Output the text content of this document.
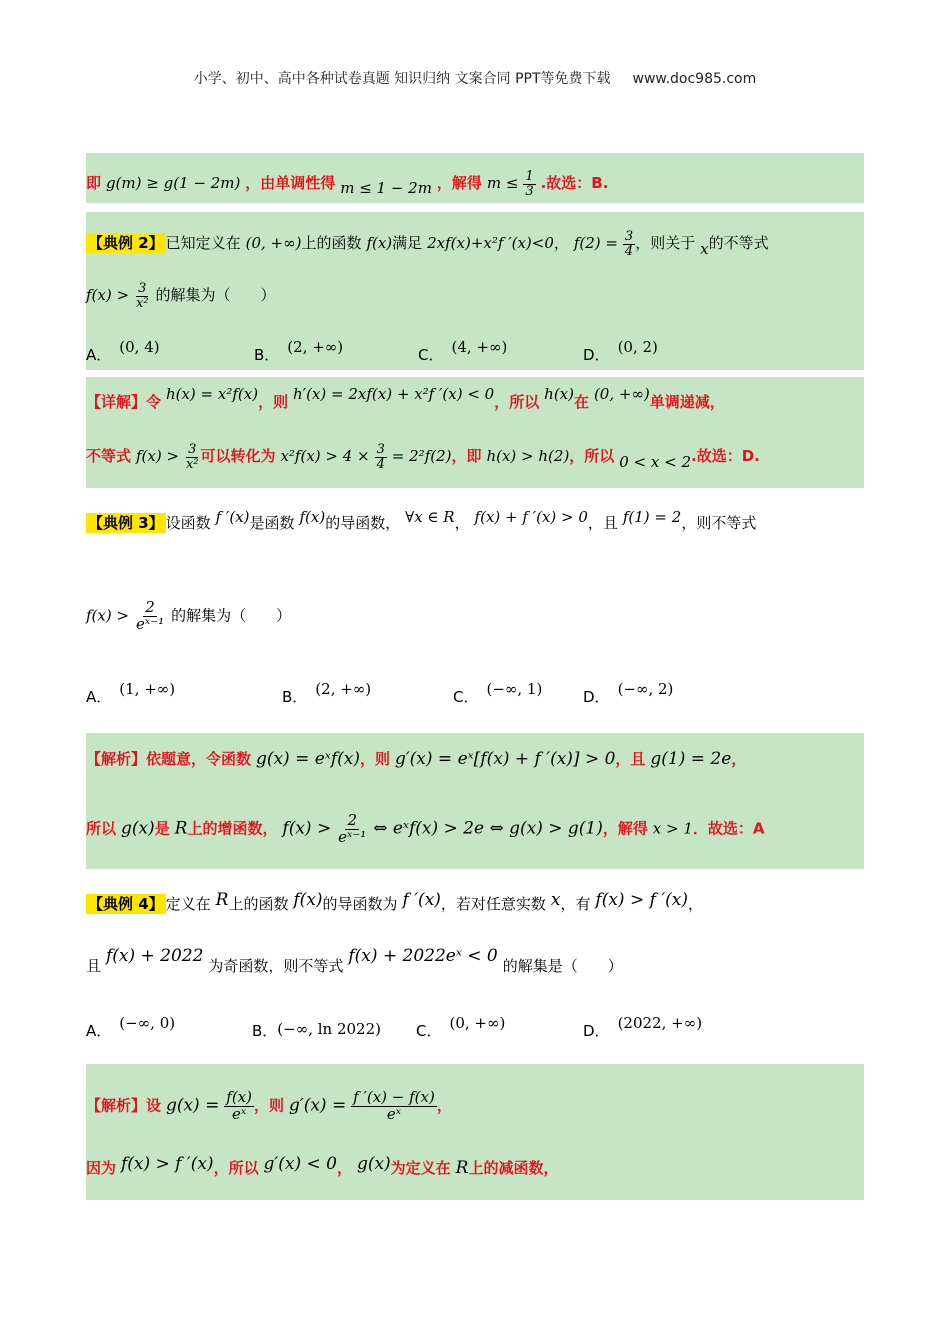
小学、初中、高中各种试卷真题 知识归纳 文案合同 PPT等免费下载 www.doc985.com
即 g(m) ≥ g(1 − 2m) ，由单调性得 m ≤ 1 − 2m ，解得 $m \le \frac{1}{3}$ .故选：B.
【典例 2】 已知定义在 (0, +∞)上的函数 f(x)满足 2xf(x)+x²f ′(x)<0， $f(2) = \frac{3}{4}$ ，则关于 x的不等式
$f(x) > \frac{3}{\text{x²}}$ 的解集为（　　）
A． (0, 4)	B． (2, +∞)	C． (4, +∞)	D． (0, 2)
【详解】令 h(x) = x²f(x)，则 h′(x) = 2xf(x) + x²f ′(x) < 0，所以 h(x)在 (0, +∞)单调递减，
不等式 $f(x) > \frac{3}{\text{x²}}$ 可以转化为 $x^2f(x) > 4 \times \frac{3}{4} = 2^2f(2)$，即 h(x) > h(2)，所以 0 < x < 2.故选：D.
【典例 3】 设函数 f ′(x)是函数 f(x)的导函数， ∀x ∈ R， f(x) + f ′(x) > 0，且 f(1) = 2，则不等式
$f(x) > \frac{2}{\text{eˣ⁻¹}}$ 的解集为（　　）
A． (1, +∞)	B． (2, +∞)	C． (−∞, 1)	D． (−∞, 2)
【解析】依题意，令函数 g(x) = eˣf(x)，则 g′(x) = eˣ[f(x) + f ′(x)] > 0，且 g(1) = 2e，
所以 g(x)是 R上的增函数， $f(x) > \frac{2}{\text{eˣ⁻¹}}$ ⇔ eˣf(x) > 2e ⇔ g(x) > g(1)，解得 x > 1．故选：A
【典例 4】 定义在 R上的函数 f(x)的导函数为 f ′(x)，若对任意实数 x，有 f(x) > f ′(x)，
且 f(x) + 2022 为奇函数，则不等式 f(x) + 2022eˣ < 0 的解集是（　　）
A． (−∞, 0)	B．(−∞, ln 2022) C． (0, +∞)	D． (2022, +∞)
【解析】设 $g(x) = \frac{f(x)}{\text{eˣ}}$ ，则 $g'(x) = \frac{f '(x) - f(x)}{\text{eˣ}}$ ，
因为 f(x) > f ′(x)，所以 g′(x) < 0， g(x)为定义在 R上的减函数，
